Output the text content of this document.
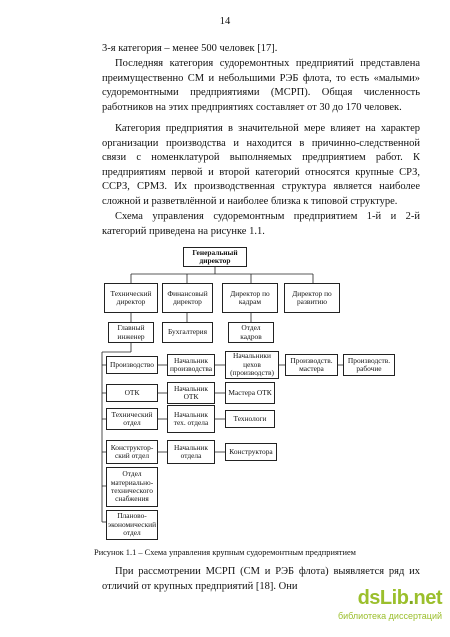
14

3-я категория – менее 500 человек [17].

Последняя категория судоремонтных предприятий представлена преимущественно СМ и небольшими РЭБ флота, то есть «малыми» судоремонтными предприятиями (МСРП). Общая численность работников на этих предприятиях составляет от 30 до 170 человек.

Категория предприятия в значительной мере влияет на характер организации производства и находится в причинно-следственной связи с номенклатурой выполняемых предприятием работ. К предприятиям первой и второй категорий относятся крупные СРЗ, ССРЗ, СРМЗ. Их производственная структура является наиболее сложной и разветвлённой и наиболее близка к типовой структуре.

Схема управления судоремонтным предприятием 1-й и 2-й категорий приведена на рисунке 1.1.

Генеральный директор
Технический директор
Финансовый директор
Директор по кадрам
Директор по развитию
Главный инженер	Бухгалтерия	Отдел кадров
Производство	Начальник производства
Начальники цехов (производств)
Производств. мастера
Производств. рабочие
ОТК	Начальник ОТК	Мастера ОТК
Технический отдел
Начальник тех. отдела	Технологи
Конструктор-ский отдел
Начальник отдела	Конструктора
Отдел материально-технического снабжения
Планово-экономический отдел
Рисунок 1.1 – Схема управления крупным судоремонтным предприятием

При рассмотрении МСРП (СМ и РЭБ флота) выявляется ряд их отличий от крупных предприятий [18]. Они

dsLib.net
библиотека диссертаций
